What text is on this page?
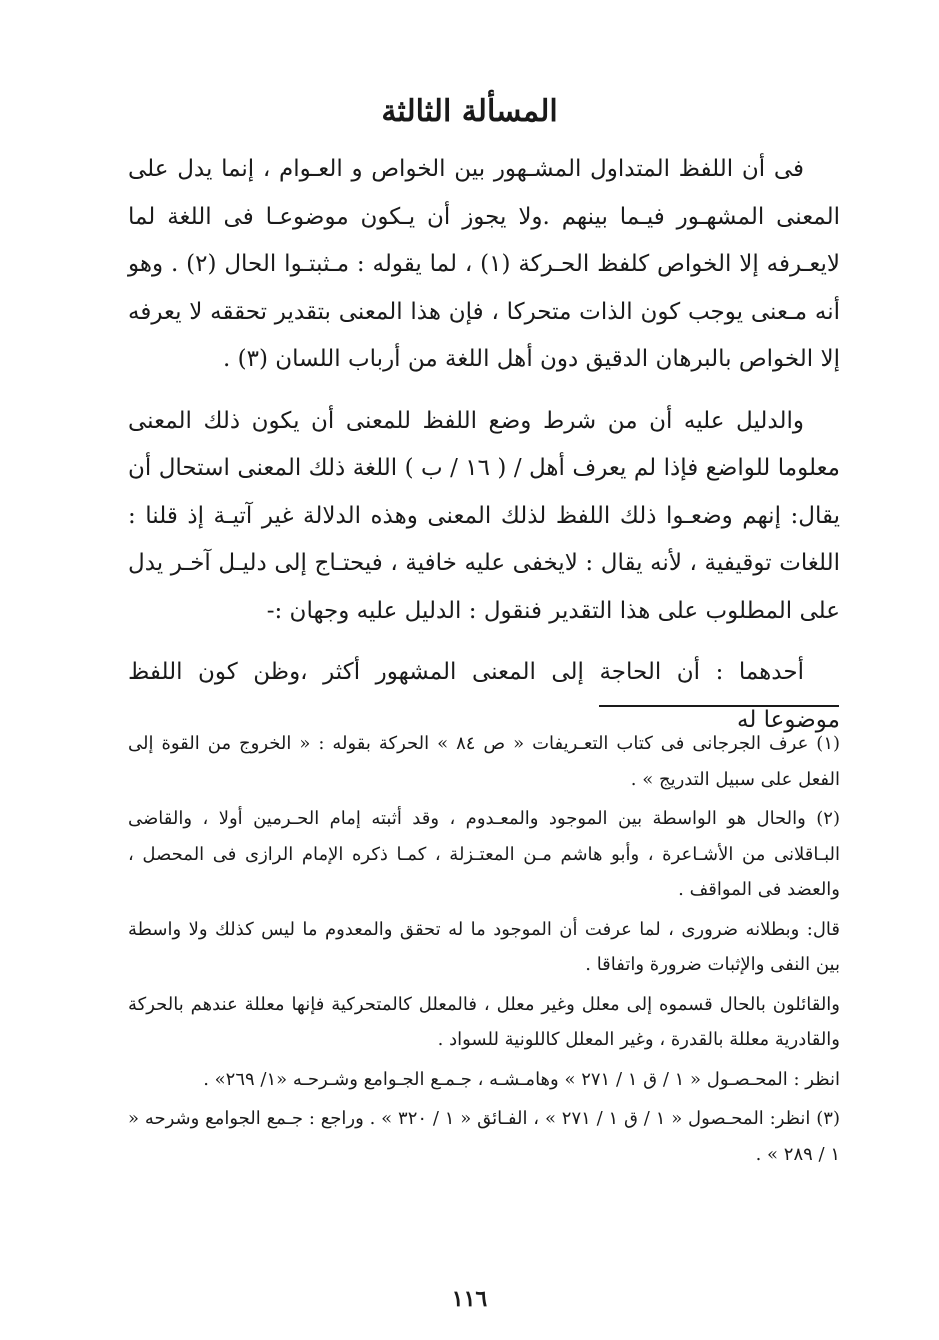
المسألة الثالثة

فى أن اللفظ المتداول المشـهور بين الخواص و العـوام ، إنما يدل على المعنى المشهـور فيـما بينهم .ولا يجوز أن يـكون موضوعـا فى اللغة لما لايعـرفه إلا الخواص كلفظ الحـركة (١) ، لما يقوله : مـثبتـوا الحال (٢) . وهو أنه مـعنى يوجب كون الذات متحركا ، فإن هذا المعنى بتقدير تحققه لا يعرفه إلا الخواص بالبرهان الدقيق دون أهل اللغة من أرباب اللسان (٣) .

والدليل عليه أن من شرط وضع اللفظ للمعنى أن يكون ذلك المعنى معلوما للواضع فإذا لم يعرف أهل / ( ١٦ / ب ) اللغة ذلك المعنى استحال أن يقال: إنهم وضعـوا ذلك اللفظ لذلك المعنى وهذه الدلالة غير آتيـة إذ قلنا : اللغات توقيفية ، لأنه يقال : لايخفى عليه خافية ، فيحتـاج إلى دليـل آخـر يدل على المطلوب على هذا التقدير فنقول : الدليل عليه وجهان :-

أحدهما : أن الحاجة إلى المعنى المشهور أكثر ،وظن كون اللفظ موضوعا له

(١) عرف الجرجانى فى كتاب التعـريفات « ص ٨٤ » الحركة بقوله : « الخروج من القوة إلى الفعل على سبيل التدريج » .
(٢) والحال هو الواسطة بين الموجود والمعـدوم ، وقد أثبته إمام الحـرمين أولا ، والقاضى البـاقلانى من الأشـاعرة ، وأبو هاشم مـن المعتـزلة ، كمـا ذكره الإمام الرازى فى المحصل ، والعضد فى المواقف .
قال: وبطلانه ضرورى ، لما عرفت أن الموجود ما له تحقق والمعدوم ما ليس كذلك ولا واسطة بين النفى والإثبات ضرورة واتفاقا .
والقائلون بالحال قسموه إلى معلل وغير معلل ، فالمعلل كالمتحركية فإنها معللة عندهم بالحركة والقادرية معللة بالقدرة ، وغير المعلل كاللونية للسواد .
انظر : المحـصـول « ١ / ق ١ / ٢٧١ » وهامـشـه ، جـمـع الجـوامع وشـرحـه «١/ ٢٦٩» .
(٣) انظر: المحـصول « ١ / ق ١ / ٢٧١ » ، الفـائق « ١ / ٣٢٠ » . وراجع : جـمع الجوامع وشرحه « ١ / ٢٨٩ » .
١١٦
